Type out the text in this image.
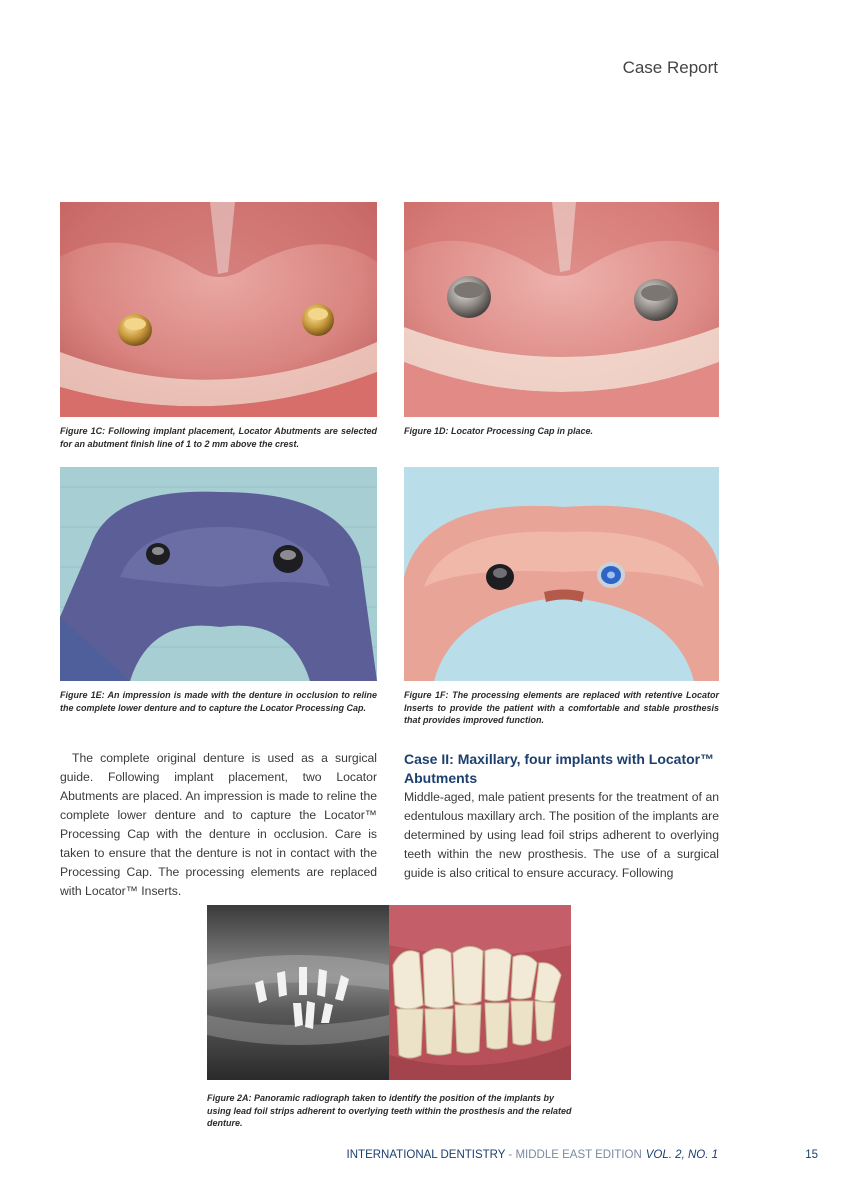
Case Report
Figure 1C: Following implant placement, Locator Abutments are selected for an abutment finish line of 1 to 2 mm above the crest.
Figure 1D: Locator Processing Cap in place.
Figure 1E: An impression is made with the denture in occlusion to reline the complete lower denture and to capture the Locator Processing Cap.
Figure 1F: The processing elements are replaced with retentive Locator Inserts to provide the patient with a comfortable and stable prosthesis that provides improved function.
The complete original denture is used as a surgical guide. Following implant placement, two Locator Abutments are placed. An impression is made to reline the complete lower denture and to capture the Locator™ Processing Cap with the denture in occlusion. Care is taken to ensure that the denture is not in contact with the Processing Cap. The processing elements are replaced with Locator™ Inserts.
Case II: Maxillary, four implants with Locator™ Abutments
Middle-aged, male patient presents for the treatment of an edentulous maxillary arch. The position of the implants are determined by using lead foil strips adherent to overlying teeth within the new prosthesis. The use of a surgical guide is also critical to ensure accuracy. Following
Figure 2A: Panoramic radiograph taken to identify the position of the implants by using lead foil strips adherent to overlying teeth within the prosthesis and the related denture.
INTERNATIONAL DENTISTRY - MIDDLE EAST EDITION VOL. 2, NO. 1	15
